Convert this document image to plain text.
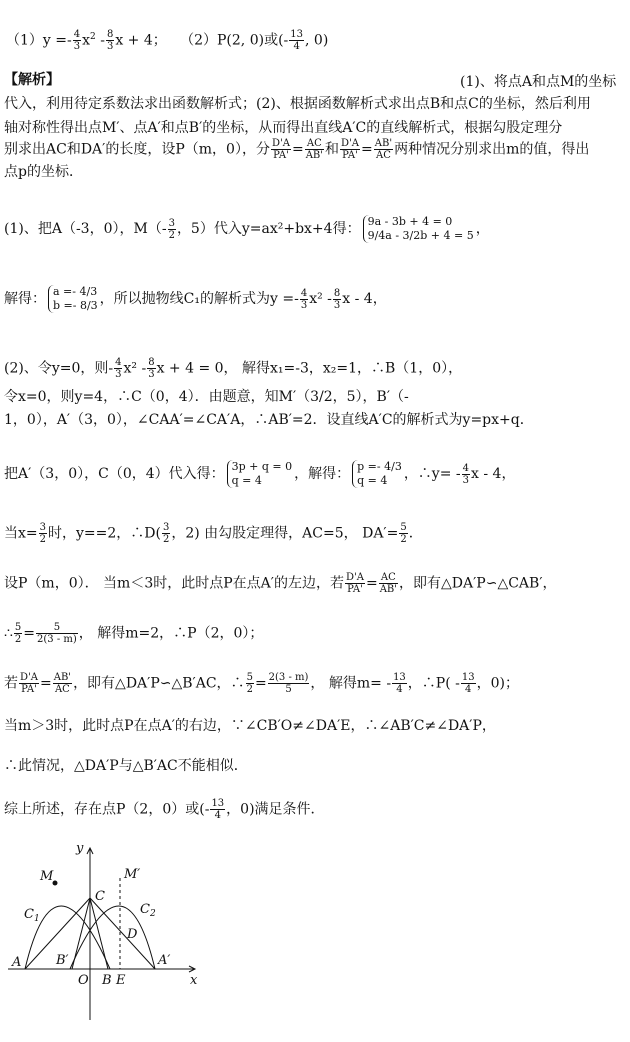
$(1)y =- \frac{4}{3} x^2 - \frac{8}{3}$ x + 4； （2）P(2, 0)或(- $\frac{13}{4}$ , 0)
【解析】	(1)、将点A和点M的坐标
代入，利用待定系数法求出函数解析式；(2)、根据函数解析式求出点B和点C的坐标，然后利用
轴对称性得出点M′、点A′和点B′的坐标，从而得出直线A′C的直线解析式，根据勾股定理分
别求出AC和DA′的长度，设P（m，0），分 $\frac{D'A}{PA'} = \frac{AC}{AB'}$ 和 $\frac{D'A}{PA'} = \frac{AB'}{AC}$ 两种情况分别求出m的值，得出
点p的坐标．
(1)、把A（-3，0），$M(- \frac{3}{2}$ ，5）代入y=ax²+bx+4得： 9a - 3b + 4 = 0
9/4a - 3/2b + 4 = 5 ，
解得： a =- 4/3
b =- 8/3 ，所以抛物线C₁的解析式为$y =- \frac{4}{3} x^2 - \frac{8}{3}$ x - 4，
(2)、令y=0，则- $\frac{4}{3} x^2 - \frac{8}{3}$ x + 4 = 0， 解得x₁=-3，x₂=1，∴B（1，0），
令x=0，则y=4，∴C（0，4）．由题意，知M′（3/2，5），B′（-
1，0），A′（3，0），∠CAA′=∠CA′A，∴AB′=2．设直线A′C的解析式为y=px+q．
把A′（3，0），C（0，4）代入得： 3p + q = 0
q = 4	，解得： p =- 4/3
q = 4	，∴y= - $\frac{4}{3}$ x - 4，
当$x= \frac{3}{2}$ 时，y==2，∴D( $\frac{3}{2}$ ，2) 由勾股定理得，AC=5， $DA'= \frac{5}{2}$ ．
设P（m，0）． 当m＜3时，此时点P在点A′的左边，若 $\frac{D'A}{PA'} = \frac{AC}{AB'}$ ，即有△DA′P∽△CAB′，
∴ $\frac{5}{2} = \frac{5}{2(3 - m)}$ ， 解得m=2，∴P（2，0）；
若 $\frac{D'A}{PA'} = \frac{AB'}{AC}$ ，即有△DA′P∽△B′AC，∴ $\frac{5}{2} = \frac{2(3 - m)}{5}$ ， 解得$m= - \frac{13}{4}$ ，∴P( - $\frac{13}{4}$ ，0)；
当m＞3时，此时点P在点A′的右边，∵∠CB′O≠∠DA′E，∴∠AB′C≠∠DA′P，
∴此情况，△DA′P与△B′AC不能相似．
综上所述，存在点P（2，0）或(- $\frac{13}{4}$ ，0)满足条件．
y
x
M	M′
$C_1$
$C_2$
C
D
A	B′
O B E
A′
